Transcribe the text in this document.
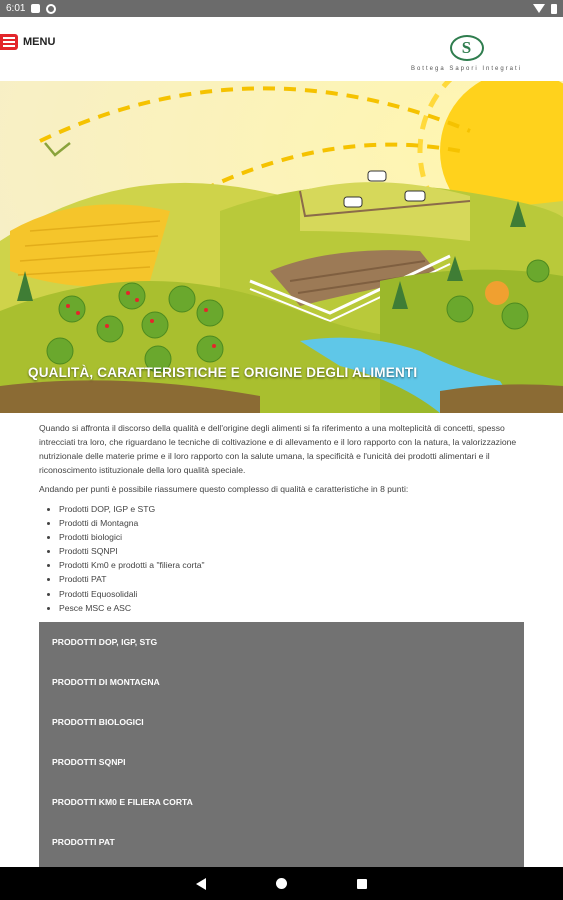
6:01
MENU	S
Bottega Sapori Integrati
QUALITÀ, CARATTERISTICHE E ORIGINE DEGLI ALIMENTI

Quando si affronta il discorso della qualità e dell'origine degli alimenti si fa riferimento a una molteplicità di concetti, spesso intrecciati tra loro, che riguardano le tecniche di coltivazione e di allevamento e il loro rapporto con la natura, la valorizzazione nutrizionale delle materie prime e il loro rapporto con la salute umana, la specificità e l'unicità dei prodotti alimentari e il riconoscimento istituzionale della loro qualità speciale.

Andando per punti è possibile riassumere questo complesso di qualità e caratteristiche in 8 punti:

• Prodotti DOP, IGP e STG
• Prodotti di Montagna
• Prodotti biologici
• Prodotti SQNPI
• Prodotti Km0 e prodotti a "filiera corta"
• Prodotti PAT
• Prodotti Equosolidali
• Pesce MSC e ASC
PRODOTTI DOP, IGP, STG
PRODOTTI DI MONTAGNA
PRODOTTI BIOLOGICI
PRODOTTI SQNPI
PRODOTTI KM0 E FILIERA CORTA
PRODOTTI PAT
